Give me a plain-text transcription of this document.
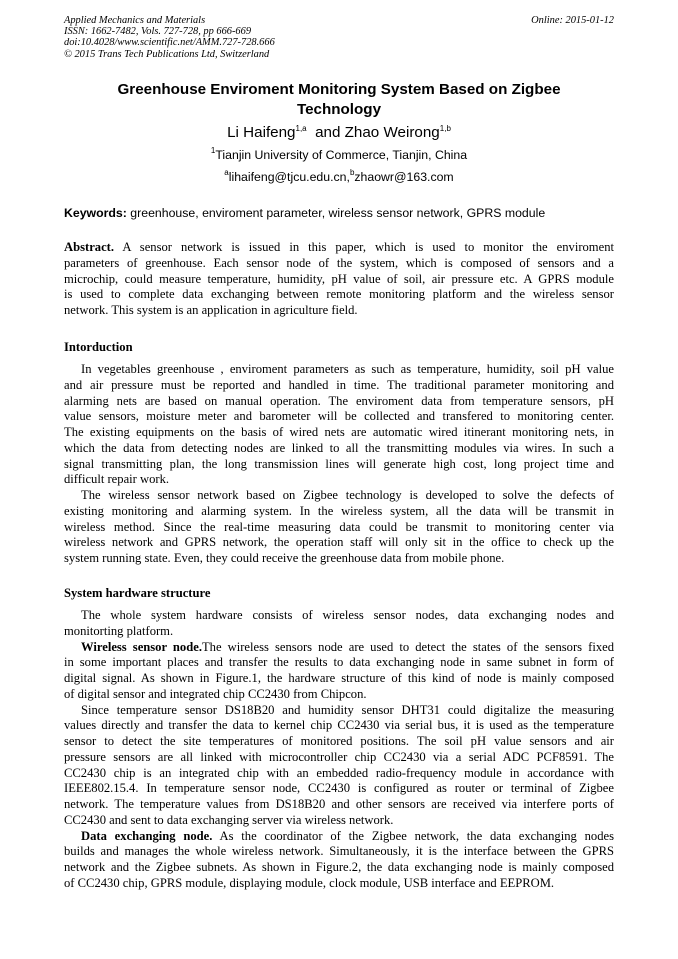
Applied Mechanics and Materials
ISSN: 1662-7482, Vols. 727-728, pp 666-669
doi:10.4028/www.scientific.net/AMM.727-728.666
© 2015 Trans Tech Publications Ltd, Switzerland
Online: 2015-01-12
Greenhouse Enviroment Monitoring System Based on Zigbee
Technology
Li Haifeng$^{1,a}$ and Zhao Weirong$^{1,b}$
$^1$Tianjin University of Commerce, Tianjin, China
$^a$lihaifeng@tjcu.edu.cn,$^b$zhaowr@163.com
Keywords: greenhouse, enviroment parameter, wireless sensor network, GPRS module
Abstract. A sensor network is issued in this paper, which is used to monitor the enviroment
parameters of greenhouse. Each sensor node of the system, which is composed of sensors and a
microchip, could measure temperature, humidity, pH value of soil, air pressure etc. A GPRS module
is used to complete data exchanging between remote monitoring platform and the wireless sensor
network. This system is an application in agriculture field.
Intorduction
In vegetables greenhouse , enviroment parameters as such as temperature, humidity, soil pH value
and air pressure must be reported and handled in time. The traditional parameter monitoring and
alarming nets are based on manual operation. The enviroment data from temperature sensors, pH
value sensors, moisture meter and barometer will be collected and transfered to monitoring center.
The existing equipments on the basis of wired nets are automatic wired itinerant monitoring nets, in
which the data from detecting nodes are linked to all the transmitting modules via wires. In such a
signal transmitting plan, the long transmission lines will generate high cost, long project time and
difficult repair work.
The wireless sensor network based on Zigbee technology is developed to solve the defects of
existing monitoring and alarming system. In the wireless system, all the data will be transmit in
wireless method. Since the real-time measuring data could be transmit to monitoring center via
wireless network and GPRS network, the operation staff will only sit in the office to check up the
system running state. Even, they could receive the greenhouse data from mobile phone.
System hardware structure
The whole system hardware consists of wireless sensor nodes, data exchanging nodes and
monitorting platform.
Wireless sensor node.The wireless sensors node are used to detect the states of the sensors fixed
in some important places and transfer the results to data exchanging node in same subnet in form of
digital signal. As shown in Figure.1, the hardware structure of this kind of node is mainly composed
of digital sensor and integrated chip CC2430 from Chipcon.
Since temperature sensor DS18B20 and humidity sensor DHT31 could digitalize the measuring
values directly and transfer the data to kernel chip CC2430 via serial bus, it is used as the temperature
sensor to detect the site temperatures of monitored positions. The soil pH value sensors and air
pressure sensors are all linked with microcontroller chip CC2430 via a serial ADC PCF8591. The
CC2430 chip is an integrated chip with an embedded radio-frequency module in accordance with
IEEE802.15.4. In temperature sensor node, CC2430 is configured as router or terminal of Zigbee
network. The temperature values from DS18B20 and other sensors are received via interfere ports of
CC2430 and sent to data exchanging server via wireless network.
Data exchanging node. As the coordinator of the Zigbee network, the data exchanging nodes
builds and manages the whole wireless network. Simultaneously, it is the interface between the GPRS
network and the Zigbee subnets. As shown in Figure.2, the data exchanging node is mainly composed
of CC2430 chip, GPRS module, displaying module, clock module, USB interface and EEPROM.
